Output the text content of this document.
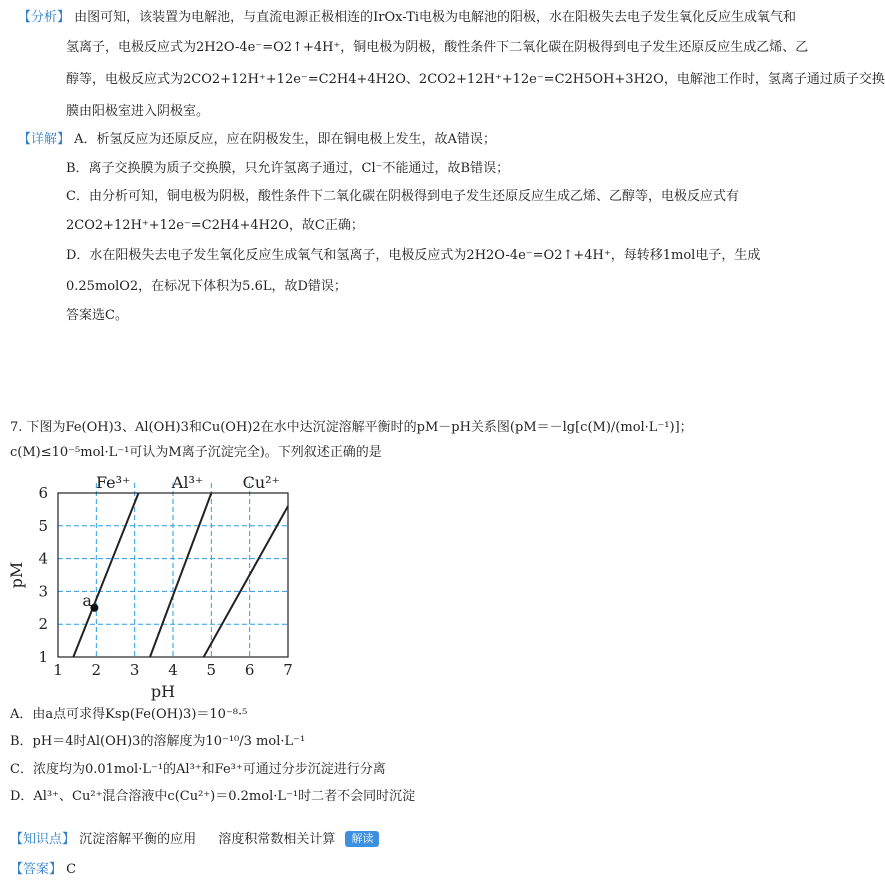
【分析】 由图可知，该装置为电解池，与直流电源正极相连的IrOx-Ti电极为电解池的阳极，水在阳极失去电子发生氧化反应生成氧气和
氢离子，电极反应式为2H2O-4e⁻=O2↑+4H⁺，铜电极为阴极，酸性条件下二氧化碳在阴极得到电子发生还原反应生成乙烯、乙
醇等，电极反应式为2CO2+12H⁺+12e⁻=C2H4+4H2O、2CO2+12H⁺+12e⁻=C2H5OH+3H2O，电解池工作时，氢离子通过质子交换
膜由阳极室进入阴极室。
【详解】 A．析氢反应为还原反应，应在阴极发生，即在铜电极上发生，故A错误；
B．离子交换膜为质子交换膜，只允许氢离子通过，Cl⁻不能通过，故B错误；
C．由分析可知，铜电极为阴极，酸性条件下二氧化碳在阴极得到电子发生还原反应生成乙烯、乙醇等，电极反应式有
2CO2+12H⁺+12e⁻=C2H4+4H2O，故C正确；
D．水在阳极失去电子发生氧化反应生成氧气和氢离子，电极反应式为2H2O-4e⁻=O2↑+4H⁺，每转移1mol电子，生成
0.25molO2，在标况下体积为5.6L，故D错误；
答案选C。
7. 下图为Fe(OH)3、Al(OH)3和Cu(OH)2在水中达沉淀溶解平衡时的pM－pH关系图(pM＝－lg[c(M)/(mol·L⁻¹)]；
c(M)≤10⁻⁵mol·L⁻¹可认为M离子沉淀完全)。下列叙述正确的是
1 2 3 4 5 6 7
1
2
3
4
5
6
pH
pM
Fe³⁺	Al³⁺ Cu²⁺
a
A．由a点可求得Ksp(Fe(OH)3)＝10⁻⁸·⁵
B．pH＝4时Al(OH)3的溶解度为10⁻¹⁰/3 mol·L⁻¹
C．浓度均为0.01mol·L⁻¹的Al³⁺和Fe³⁺可通过分步沉淀进行分离
D．Al³⁺、Cu²⁺混合溶液中c(Cu²⁺)＝0.2mol·L⁻¹时二者不会同时沉淀
【知识点】 沉淀溶解平衡的应用 溶度积常数相关计算 解读
【答案】 C
